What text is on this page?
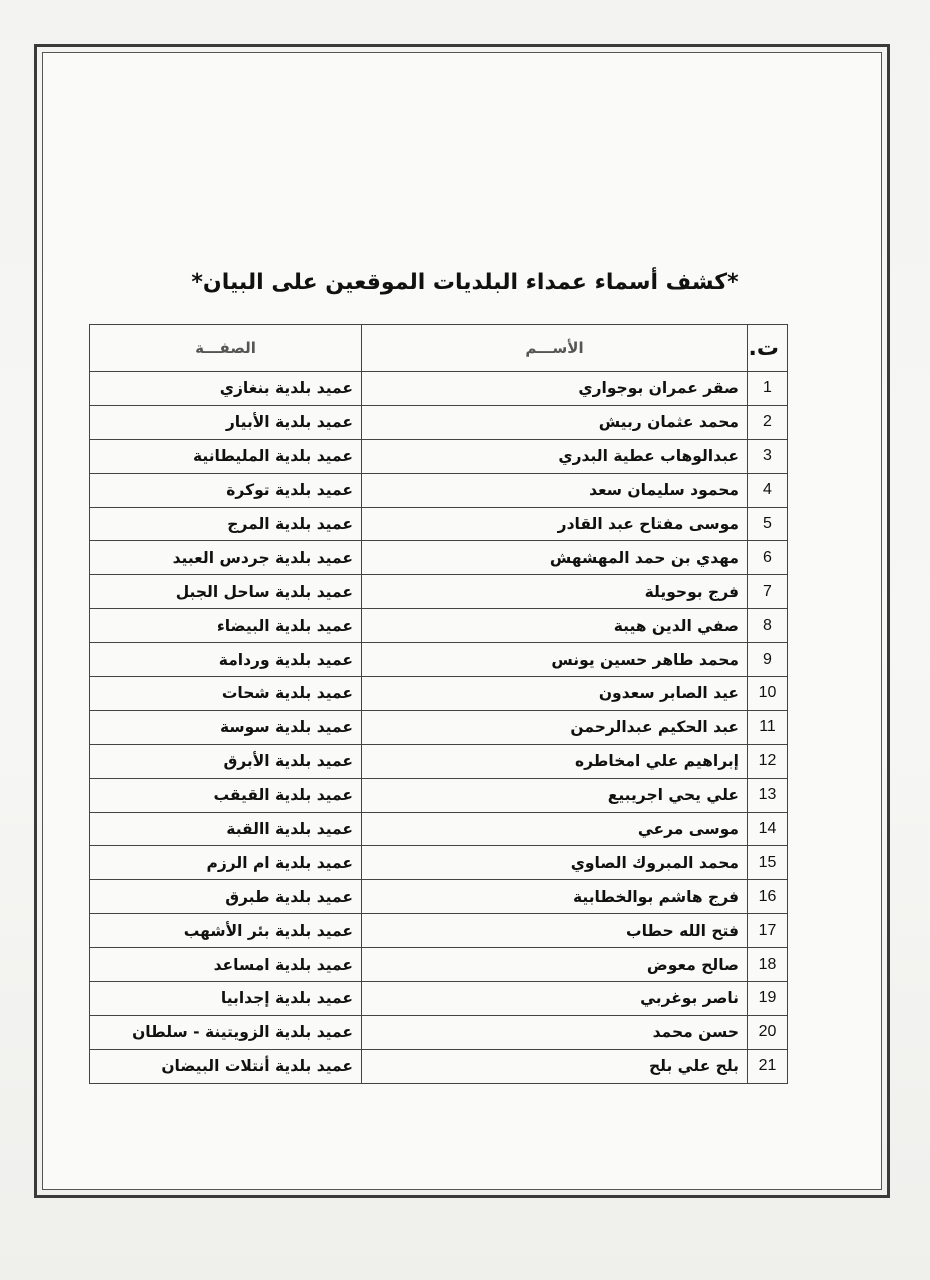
*كشف أسماء عمداء البلديات الموقعين على البيان*
ت.	الأســـم	الصفـــة
1	صقر عمران بوجواري	عميد بلدية بنغازي
2	محمد عثمان ربيش	عميد بلدية الأبيار
3	عبدالوهاب عطية البدري	عميد بلدية المليطانية
4	محمود سليمان سعد	عميد بلدية توكرة
5	موسى مفتاح عبد القادر	عميد بلدية المرج
6	مهدي بن حمد المهشهش	عميد بلدية جردس العبيد
7	فرج بوحويلة	عميد بلدية ساحل الجبل
8	صفي الدين هيبة	عميد بلدية البيضاء
9	محمد طاهر حسين يونس	عميد بلدية وردامة
10	عيد الصابر سعدون	عميد بلدية شحات
11	عبد الحكيم عبدالرحمن	عميد بلدية سوسة
12	إبراهيم علي امخاطره	عميد بلدية الأبرق
13	علي يحي اجريبيع	عميد بلدية القيقب
14	موسى مرعي	عميد بلدية االقبة
15	محمد المبروك الصاوي	عميد بلدية ام الرزم
16	فرج هاشم بوالخطابية	عميد بلدية طبرق
17	فتح الله حطاب	عميد بلدية بئر الأشهب
18	صالح معوض	عميد بلدية امساعد
19	ناصر بوغربي	عميد بلدية إجدابيا
20	حسن محمد	عميد بلدية الزويتينة - سلطان
21	بلح علي بلح	عميد بلدية أنتلات البيضان
